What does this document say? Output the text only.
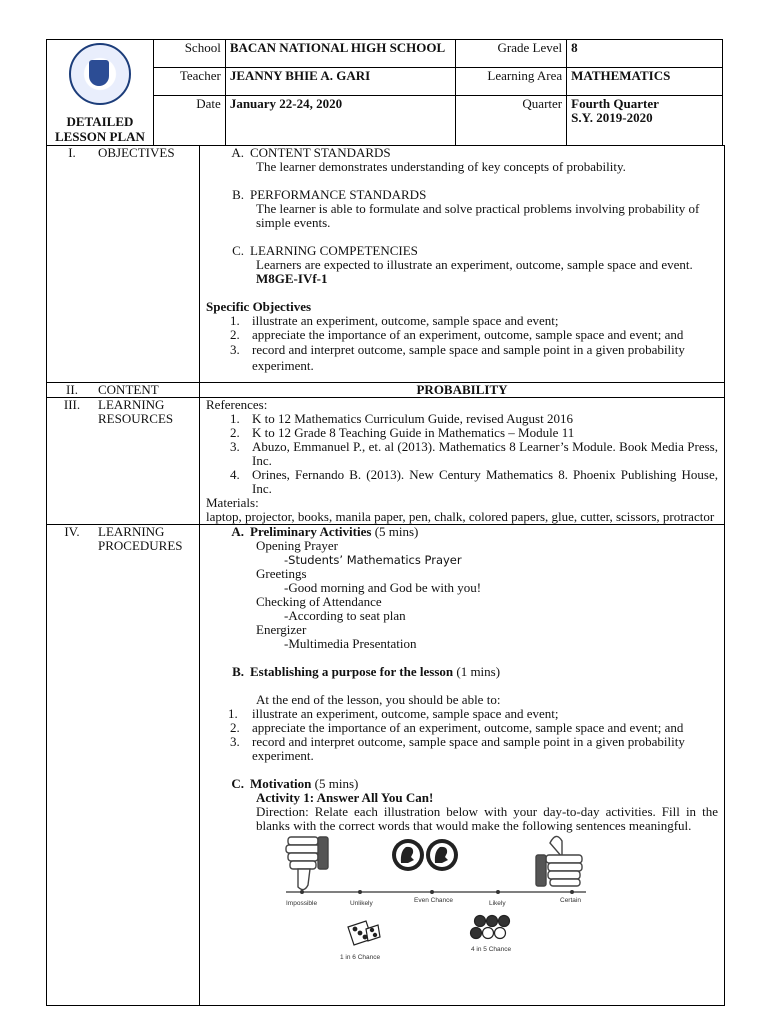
DETAILED LESSON PLAN	School	BACAN NATIONAL HIGH SCHOOL	Grade Level	8
	Teacher	JEANNY BHIE A. GARI	Learning Area	MATHEMATICS
	Date	January 22-24, 2020	Quarter	Fourth Quarter
S.Y. 2019-2020
I.	OBJECTIVES	A. CONTENT STANDARDS

The learner demonstrates understanding of key concepts of probability.

B. PERFORMANCE STANDARDS

The learner is able to formulate and solve practical problems involving probability of simple events.

C. LEARNING COMPETENCIES

Learners are expected to illustrate an experiment, outcome, sample space and event.

M8GE-IVf-1

Specific Objectives

1. illustrate an experiment, outcome, sample space and event;
2. appreciate the importance of an experiment, outcome, sample space and event; and
3. record and interpret outcome, sample space and sample point in a given probability experiment.
II.	CONTENT	PROBABILITY
III.	LEARNING
RESOURCES

References:

1. K to 12 Mathematics Curriculum Guide, revised August 2016
2. K to 12 Grade 8 Teaching Guide in Mathematics – Module 11
3. Abuzo, Emmanuel P., et. al (2013). Mathematics 8 Learner’s Module. Book Media Press, Inc.
4. Orines, Fernando B. (2013). New Century Mathematics 8. Phoenix Publishing House, Inc.

Materials:

laptop, projector, books, manila paper, pen, chalk, colored papers, glue, cutter, scissors, protractor

IV.	LEARNING
PROCEDURES

A. Preliminary Activities (5 mins)

Opening Prayer

-Students’ Mathematics Prayer

Greetings

-Good morning and God be with you!

Checking of Attendance

-According to seat plan

Energizer

-Multimedia Presentation

B. Establishing a purpose for the lesson (1 mins)

At the end of the lesson, you should be able to:

1. illustrate an experiment, outcome, sample space and event;
2. appreciate the importance of an experiment, outcome, sample space and event; and
3. record and interpret outcome, sample space and sample point in a given probability experiment.

C. Motivation (5 mins)

Activity 1: Answer All You Can!

Direction: Relate each illustration below with your day-to-day activities. Fill in the blanks with the correct words that would make the following sentences meaningful.

Impossible	Unlikely	Even Chance	Likely	Certain
1 in 6 Chance
4 in 5 Chance
